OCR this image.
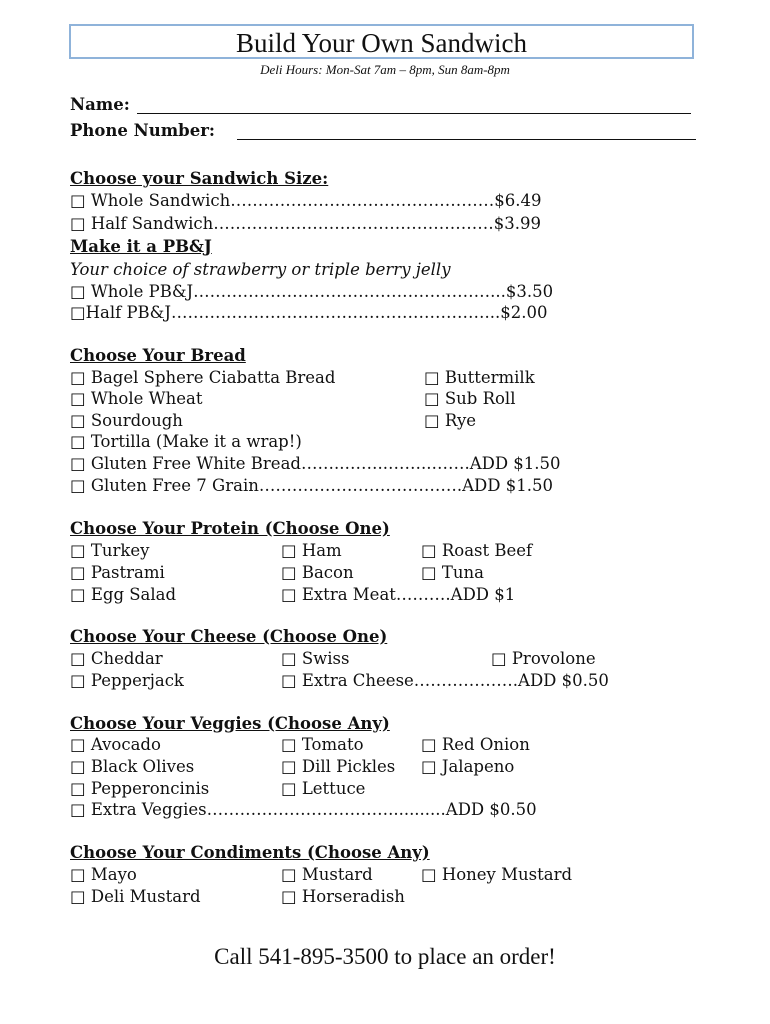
Build Your Own Sandwich
Deli Hours: Mon-Sat 7am – 8pm, Sun 8am-8pm
Name:
Phone Number:
Choose your Sandwich Size:
□ Whole Sandwich…………………………………………$6.49
□ Half Sandwich……………………………………………$3.99
Make it a PB&J
Your choice of strawberry or triple berry jelly
□ Whole PB&J………………………………………………...$3.50
□Half PB&J…………………………………………………...$2.00
Choose Your Bread
□ Bagel Sphere Ciabatta Bread	□ Buttermilk
□ Whole Wheat	□ Sub Roll
□ Sourdough	□ Rye
□ Tortilla (Make it a wrap!)
□ Gluten Free White Bread……..……..……..…….ADD $1.50
□ Gluten Free 7 Grain……………………………….ADD $1.50
Choose Your Protein (Choose One)
□ Turkey	□ Ham	□ Roast Beef
□ Pastrami	□ Bacon	□ Tuna
□ Egg Salad	□ Extra Meat……….ADD $1
Choose Your Cheese (Choose One)
□ Cheddar	□ Swiss	□ Provolone
□ Pepperjack	□ Extra Cheese……………….ADD $0.50
Choose Your Veggies (Choose Any)
□ Avocado	□ Tomato	□ Red Onion
□ Black Olives	□ Dill Pickles □ Jalapeno
□ Pepperoncinis	□ Lettuce
□ Extra Veggies……………………………...........ADD $0.50
Choose Your Condiments (Choose Any)
□ Mayo	□ Mustard	□ Honey Mustard
□ Deli Mustard	□ Horseradish
Call 541-895-3500 to place an order!
